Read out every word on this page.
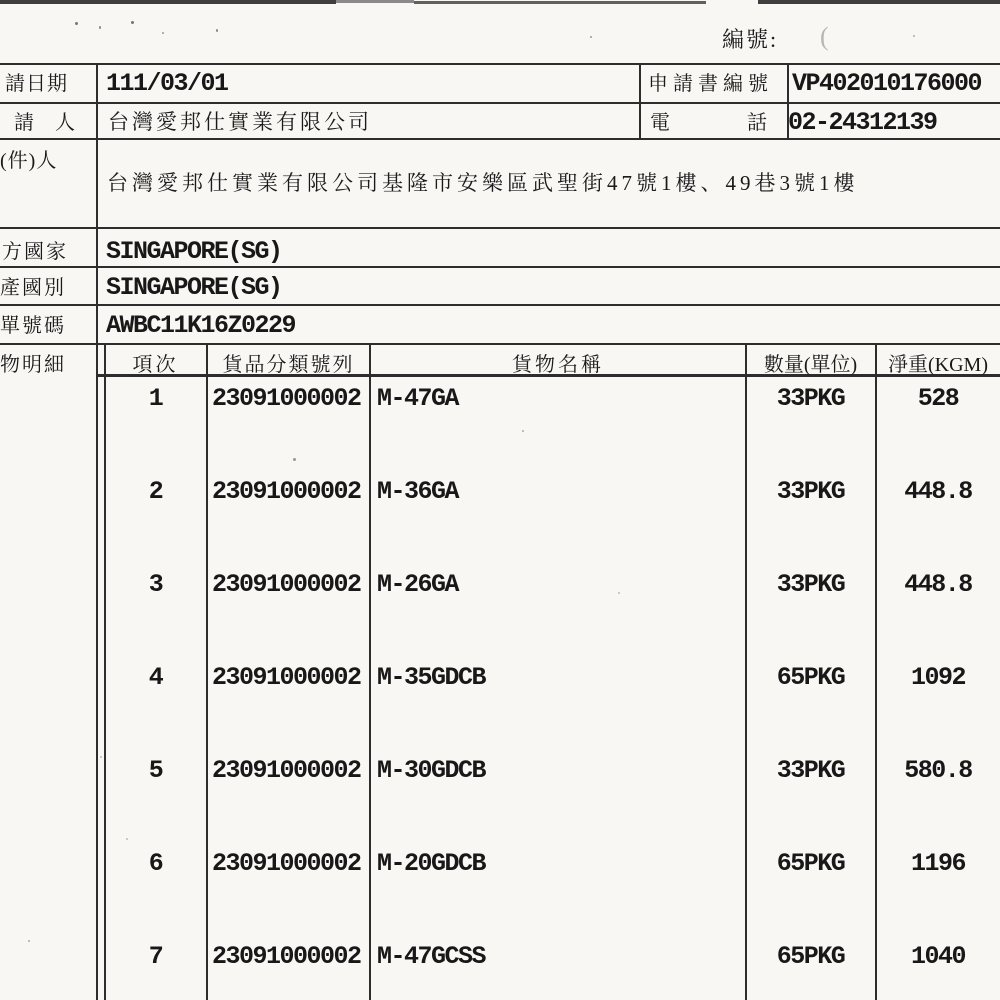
編號: (
請日期 111/03/01	申請書編號 VP402010176000
請 人 台灣愛邦仕實業有限公司	電 話 02-24312139
(件)人
台灣愛邦仕實業有限公司基隆市安樂區武聖街47號1樓、49巷3號1樓
方國家 SINGAPORE(SG)
產國別 SINGAPORE(SG)
單號碼 AWBC11K16Z0229
物明細	項次	貨品分類號列	貨物名稱	數量(單位)	淨重(KGM)
1	23091000002 M-47GA	33PKG	528
2	23091000002 M-36GA	33PKG	448.8
3	23091000002 M-26GA	33PKG	448.8
4	23091000002 M-35GDCB	65PKG	1092
5	23091000002 M-30GDCB	33PKG	580.8
6	23091000002 M-20GDCB	65PKG	1196
7	23091000002 M-47GCSS	65PKG	1040
